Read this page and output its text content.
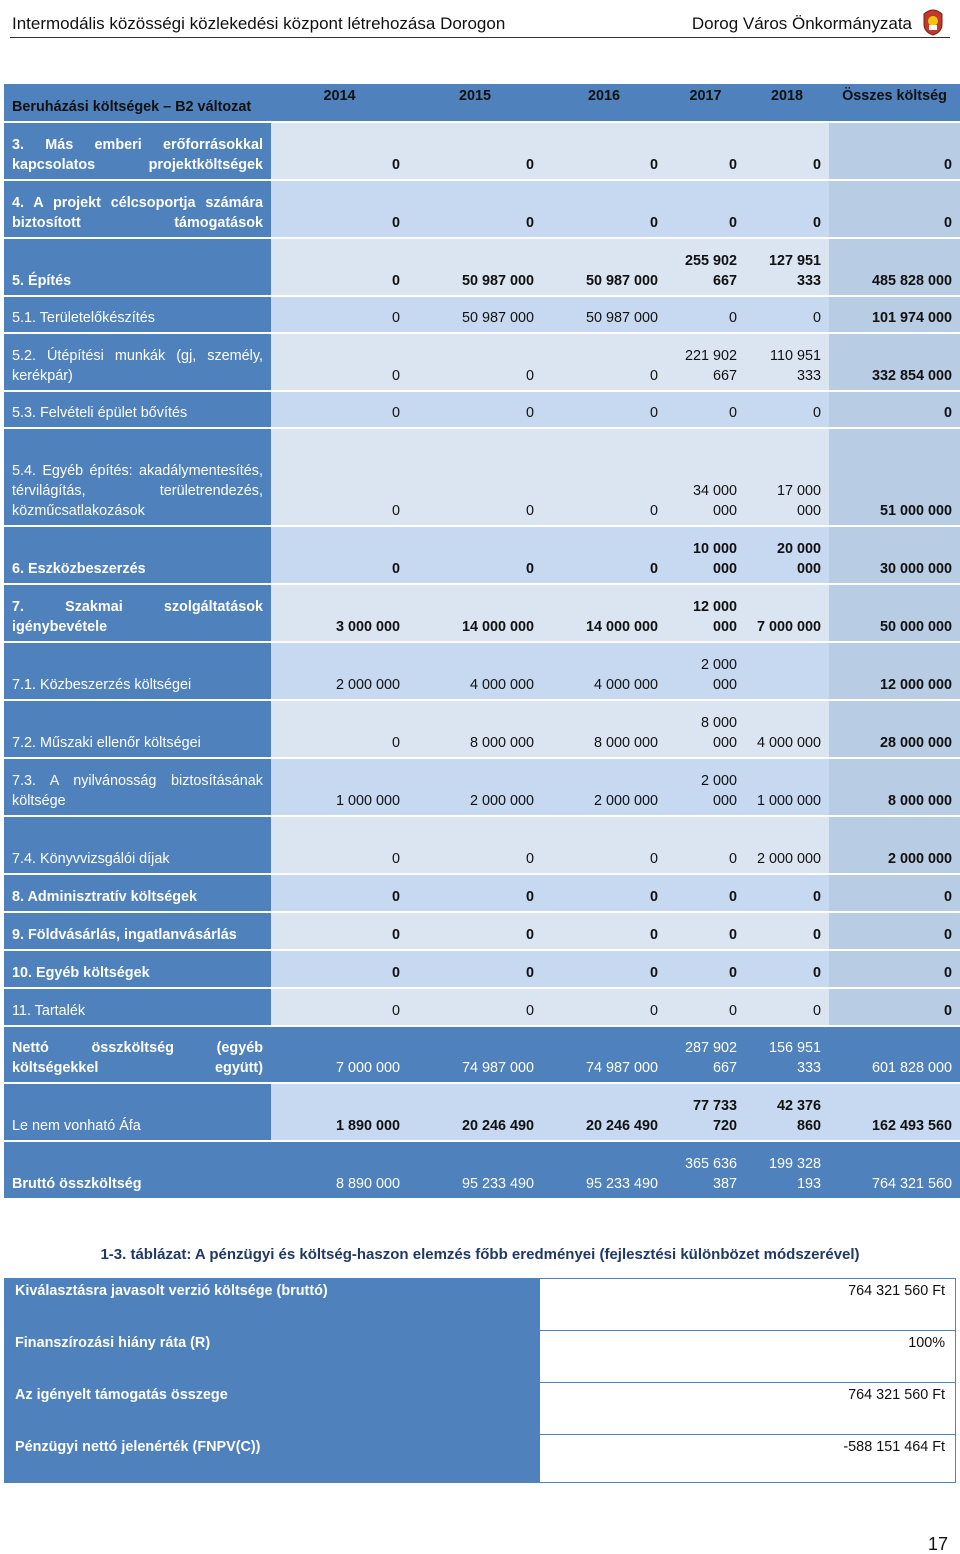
Intermodális közösségi közlekedési központ létrehozása Dorogon	Dorog Város Önkormányzata
Beruházási költségek – B2 változat	2014	2015	2016	2017	2018	Összes költség

3. Más emberi erőforrásokkal kapcsolatos projektköltségek	0	0	0	0	0	0

4. A projekt célcsoportja számára biztosított támogatások	0	0	0	0	0	0
5. Építés	0	50 987 000	50 987 000	255 902 667	127 951 333	485 828 000
5.1. Területelőkészítés	0	50 987 000	50 987 000	0	0	101 974 000

5.2. Útépítési munkák (gj, személy, kerékpár)	0	0	0	221 902 667	110 951 333	332 854 000
5.3. Felvételi épület bővítés	0	0	0	0	0	0

5.4. Egyéb építés: akadálymentesítés, térvilágítás, területrendezés, közműcsatlakozások	0	0	0	34 000 000	17 000 000	51 000 000
6. Eszközbeszerzés	0	0	0	10 000 000	20 000 000	30 000 000

7. Szakmai szolgáltatások igénybevétele	3 000 000	14 000 000	14 000 000	12 000 000	7 000 000	50 000 000
7.1. Közbeszerzés költségei	2 000 000	4 000 000	4 000 000	2 000 000		12 000 000
7.2. Műszaki ellenőr költségei	0	8 000 000	8 000 000	8 000 000	4 000 000	28 000 000

7.3. A nyilvánosság biztosításának költsége	1 000 000	2 000 000	2 000 000	2 000 000	1 000 000	8 000 000
7.4. Könyvvizsgálói díjak	0	0	0	0	2 000 000	2 000 000
8. Adminisztratív költségek	0	0	0	0	0	0
9. Földvásárlás, ingatlanvásárlás	0	0	0	0	0	0
10. Egyéb költségek	0	0	0	0	0	0
11. Tartalék	0	0	0	0	0	0

Nettó összköltség (egyéb költségekkel együtt)	7 000 000	74 987 000	74 987 000	287 902 667	156 951 333	601 828 000
Le nem vonható Áfa	1 890 000	20 246 490	20 246 490	77 733 720	42 376 860	162 493 560
Bruttó összköltség	8 890 000	95 233 490	95 233 490	365 636 387	199 328 193	764 321 560
1-3. táblázat: A pénzügyi és költség-haszon elemzés főbb eredményei (fejlesztési különbözet módszerével)
Kiválasztásra javasolt verzió költsége (bruttó)	764 321 560 Ft
Finanszírozási hiány ráta (R)	100%
Az igényelt támogatás összege	764 321 560 Ft
Pénzügyi nettó jelenérték (FNPV(C))	-588 151 464 Ft
17
